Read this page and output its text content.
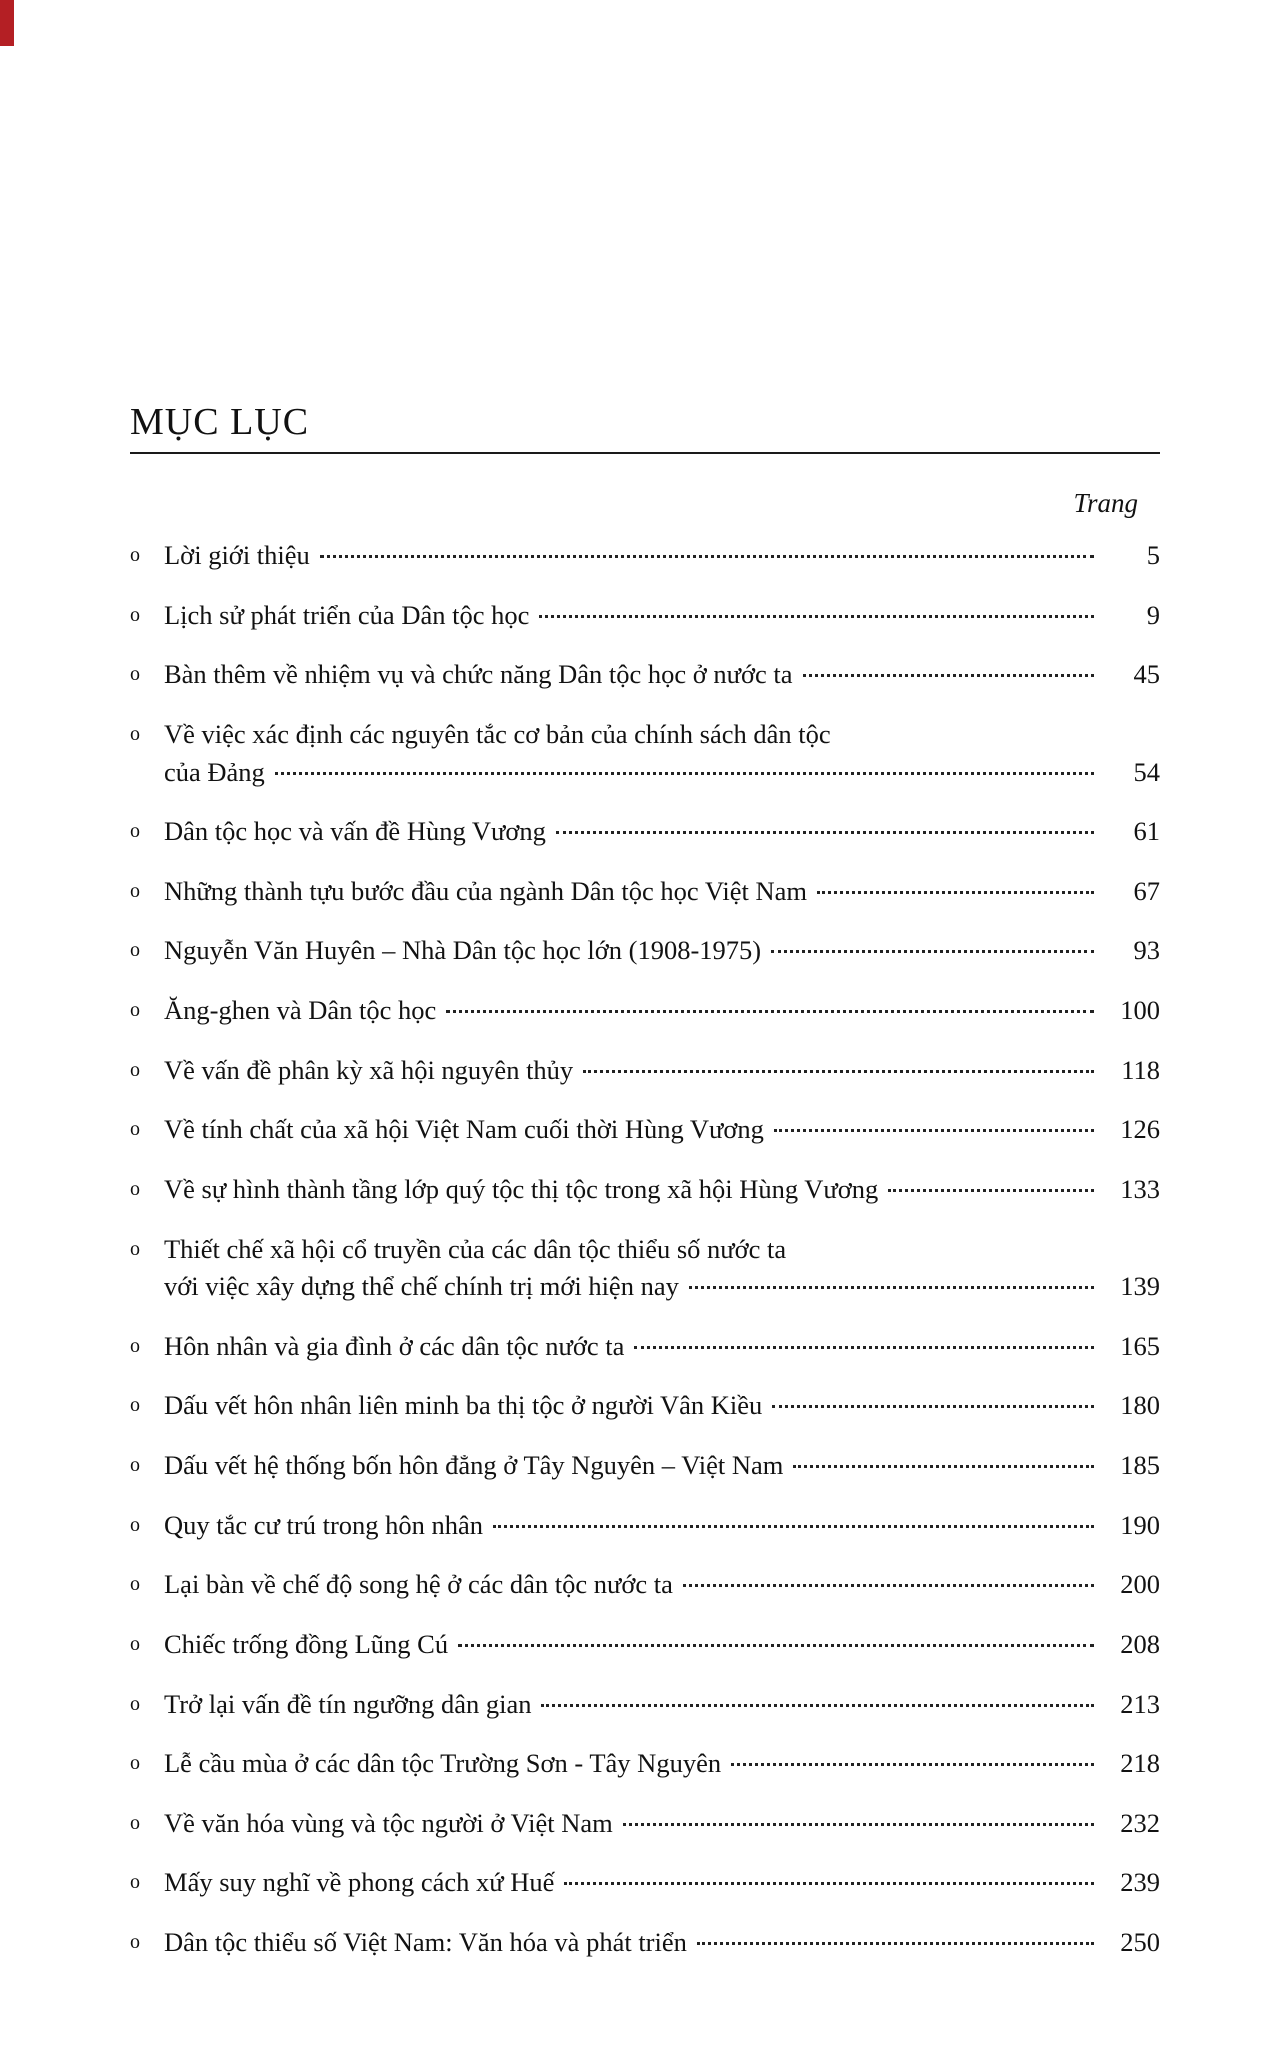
MỤC LỤC
Trang
o Lời giới thiệu	5
o Lịch sử phát triển của Dân tộc học	9
o Bàn thêm về nhiệm vụ và chức năng Dân tộc học ở nước ta	45
o Về việc xác định các nguyên tắc cơ bản của chính sách dân tộc
của Đảng	54
o Dân tộc học và vấn đề Hùng Vương	61
o Những thành tựu bước đầu của ngành Dân tộc học Việt Nam	67
o Nguyễn Văn Huyên – Nhà Dân tộc học lớn (1908-1975)	93
o Ăng-ghen và Dân tộc học	100
o Về vấn đề phân kỳ xã hội nguyên thủy	118
o Về tính chất của xã hội Việt Nam cuối thời Hùng Vương	126
o Về sự hình thành tầng lớp quý tộc thị tộc trong xã hội Hùng Vương	133
o Thiết chế xã hội cổ truyền của các dân tộc thiểu số nước ta
với việc xây dựng thể chế chính trị mới hiện nay	139
o Hôn nhân và gia đình ở các dân tộc nước ta	165
o Dấu vết hôn nhân liên minh ba thị tộc ở người Vân Kiều	180
o Dấu vết hệ thống bốn hôn đẳng ở Tây Nguyên – Việt Nam	185
o Quy tắc cư trú trong hôn nhân	190
o Lại bàn về chế độ song hệ ở các dân tộc nước ta	200
o Chiếc trống đồng Lũng Cú	208
o Trở lại vấn đề tín ngưỡng dân gian	213
o Lễ cầu mùa ở các dân tộc Trường Sơn - Tây Nguyên	218
o Về văn hóa vùng và tộc người ở Việt Nam	232
o Mấy suy nghĩ về phong cách xứ Huế	239
o Dân tộc thiểu số Việt Nam: Văn hóa và phát triển	250
